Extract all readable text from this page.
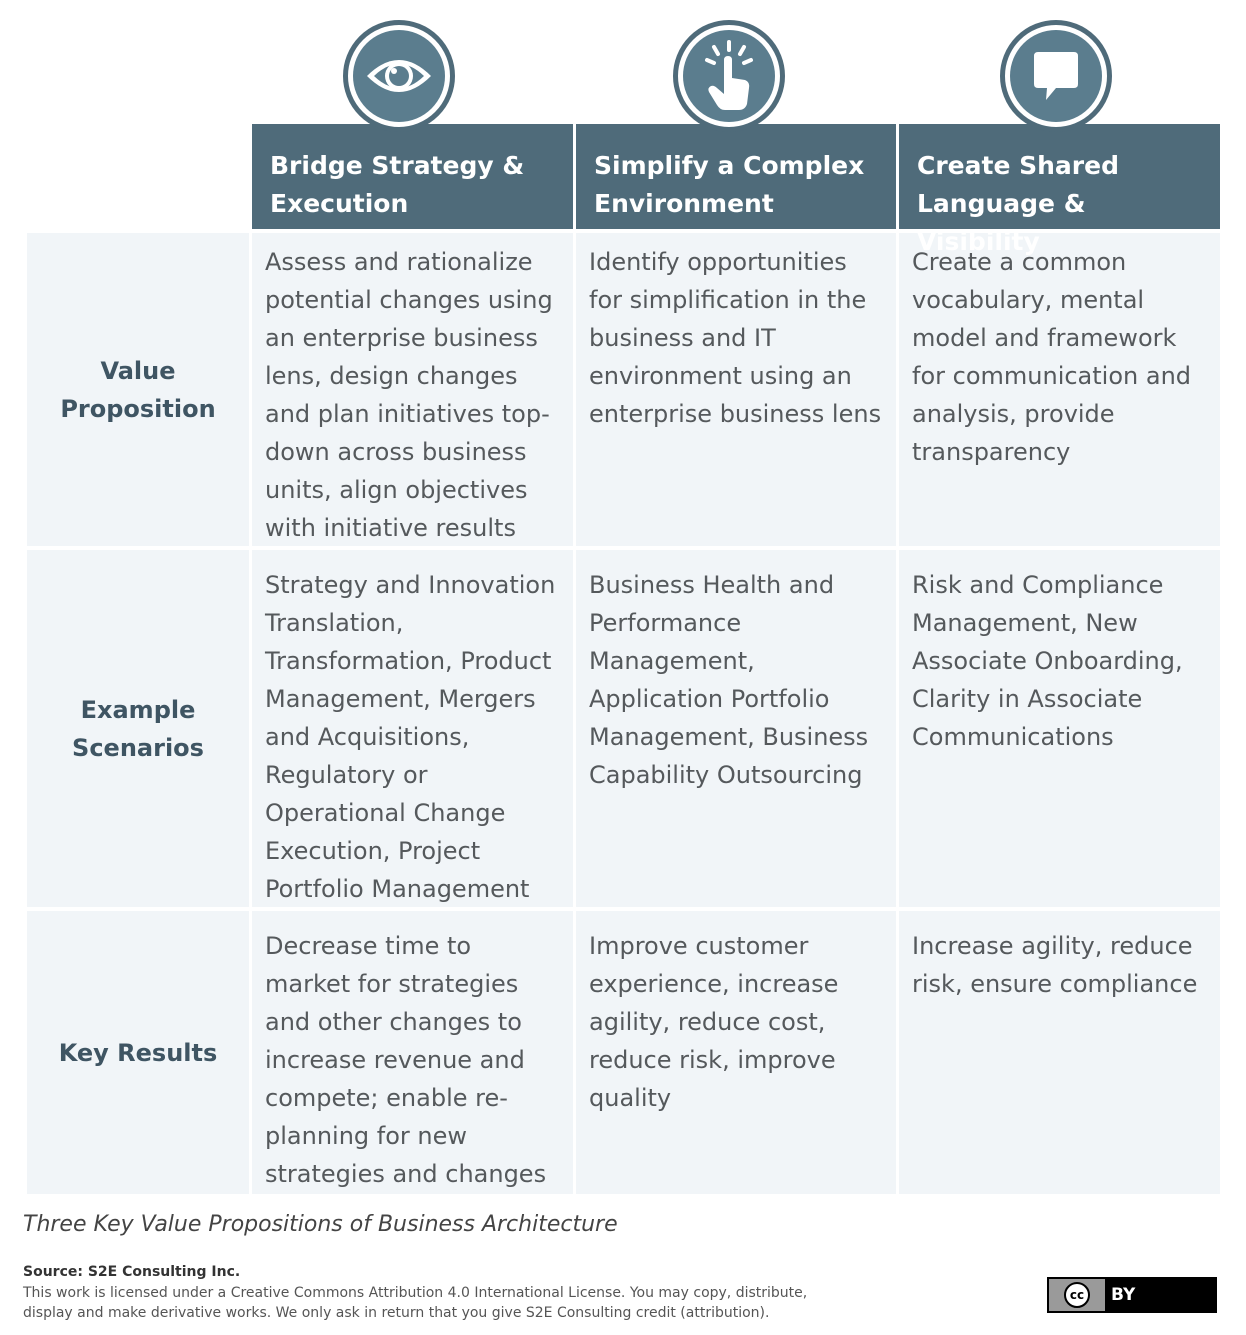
Bridge Strategy &
Execution
Simplify a Complex
Environment
Create Shared
Language & Visibility
Value
Proposition
Assess and rationalize potential changes using an enterprise business lens, design changes and plan initiatives top-down across business units, align objectives with initiative results
Identify opportunities for simplification in the business and IT environment using an enterprise business lens
Create a common vocabulary, mental model and framework for communication and analysis, provide transparency
Example
Scenarios
Strategy and Innovation Translation, Transformation, Product Management, Mergers and Acquisitions, Regulatory or Operational Change Execution, Project Portfolio Management
Business Health and Performance Management, Application Portfolio Management, Business Capability Outsourcing
Risk and Compliance Management, New Associate Onboarding, Clarity in Associate Communications
Key Results
Decrease time to market for strategies and other changes to increase revenue and compete; enable re-planning for new strategies and changes
Improve customer experience, increase agility, reduce cost, reduce risk, improve quality
Increase agility, reduce risk, ensure compliance
Three Key Value Propositions of Business Architecture
Source: S2E Consulting Inc.
This work is licensed under a Creative Commons Attribution 4.0 International License. You may copy, distribute,
display and make derivative works. We only ask in return that you give S2E Consulting credit (attribution).
cc	BY
